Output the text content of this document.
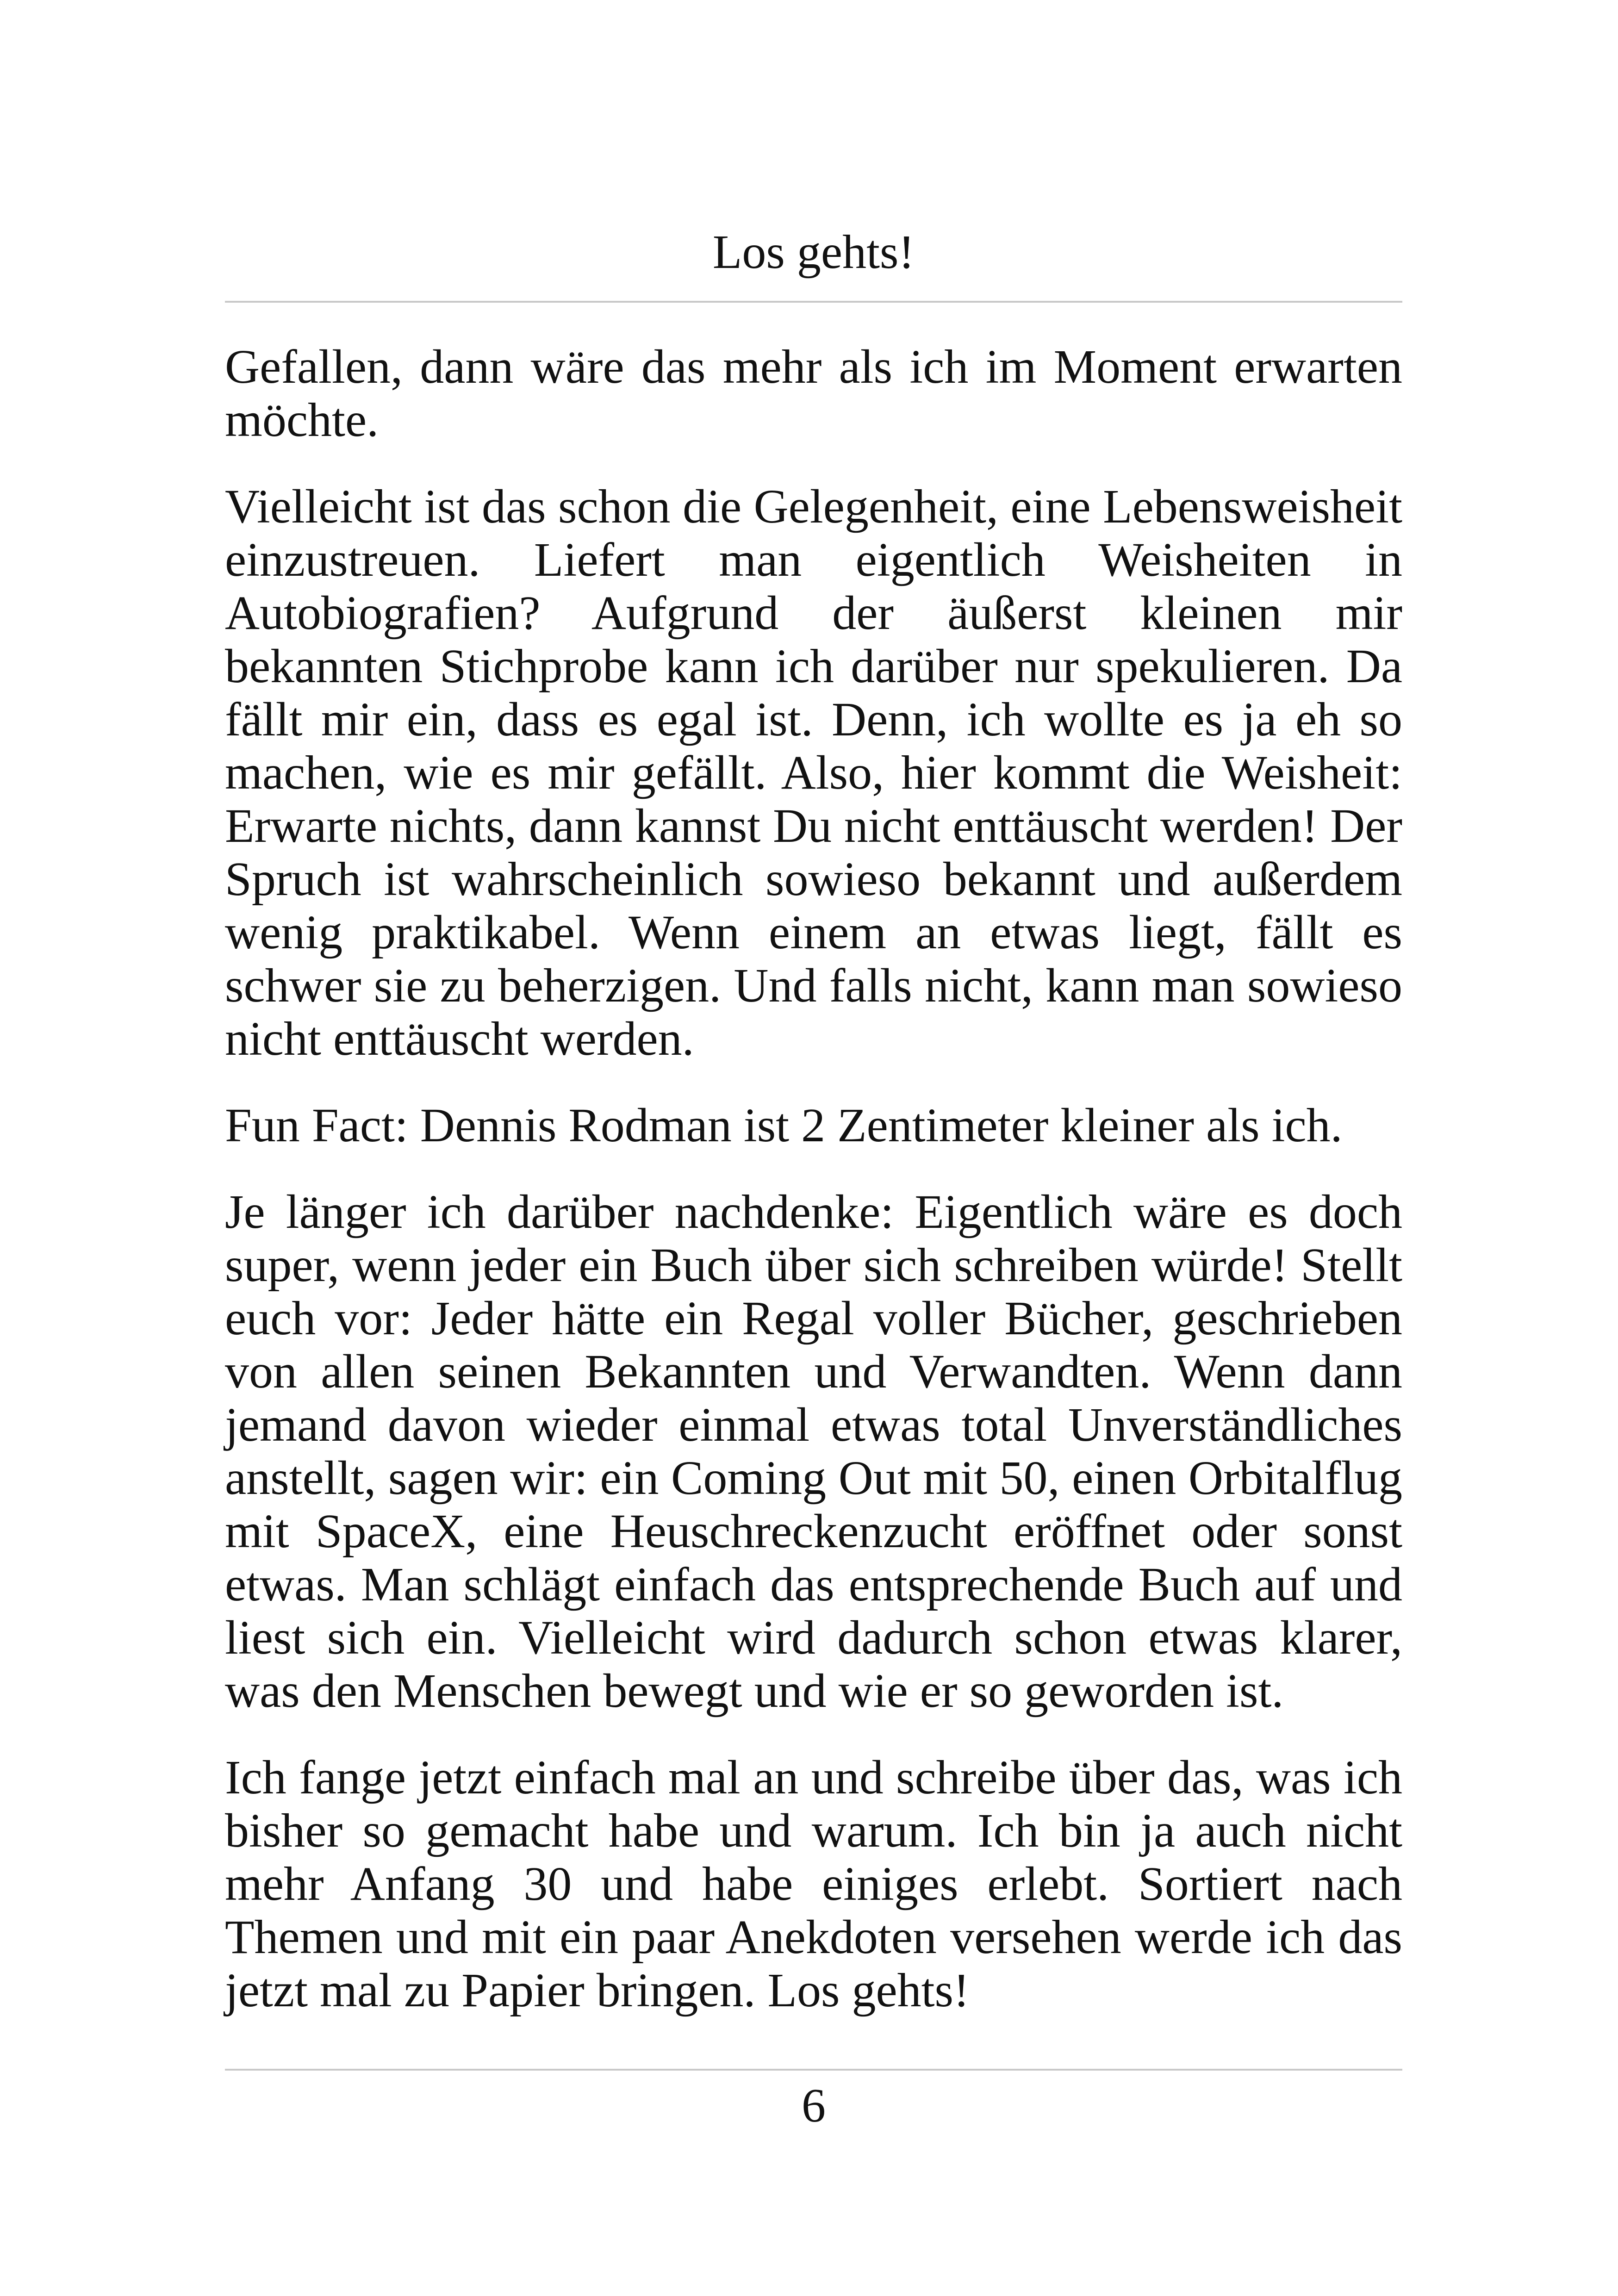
Los gehts!

Gefallen, dann wäre das mehr als ich im Moment erwarten möchte.

Vielleicht ist das schon die Gelegenheit, eine Lebensweisheit einzustreuen. Liefert man eigentlich Weisheiten in Autobiografien? Aufgrund der äußerst kleinen mir bekannten Stichprobe kann ich darüber nur spekulieren. Da fällt mir ein, dass es egal ist. Denn, ich wollte es ja eh so machen, wie es mir gefällt. Also, hier kommt die Weisheit: Erwarte nichts, dann kannst Du nicht enttäuscht werden! Der Spruch ist wahrscheinlich sowieso bekannt und außerdem wenig praktikabel. Wenn einem an etwas liegt, fällt es schwer sie zu beherzigen. Und falls nicht, kann man sowieso nicht enttäuscht werden.

Fun Fact: Dennis Rodman ist 2 Zentimeter kleiner als ich.

Je länger ich darüber nachdenke: Eigentlich wäre es doch super, wenn jeder ein Buch über sich schreiben würde! Stellt euch vor: Jeder hätte ein Regal voller Bücher, geschrieben von allen seinen Bekannten und Verwandten. Wenn dann jemand davon wieder einmal etwas total Unverständliches anstellt, sagen wir: ein Coming Out mit 50, einen Orbitalflug mit SpaceX, eine Heuschreckenzucht eröffnet oder sonst etwas. Man schlägt einfach das entsprechende Buch auf und liest sich ein. Vielleicht wird dadurch schon etwas klarer, was den Menschen bewegt und wie er so geworden ist.

Ich fange jetzt einfach mal an und schreibe über das, was ich bisher so gemacht habe und warum. Ich bin ja auch nicht mehr Anfang 30 und habe einiges erlebt. Sortiert nach Themen und mit ein paar Anekdoten versehen werde ich das jetzt mal zu Papier bringen. Los gehts!

6
